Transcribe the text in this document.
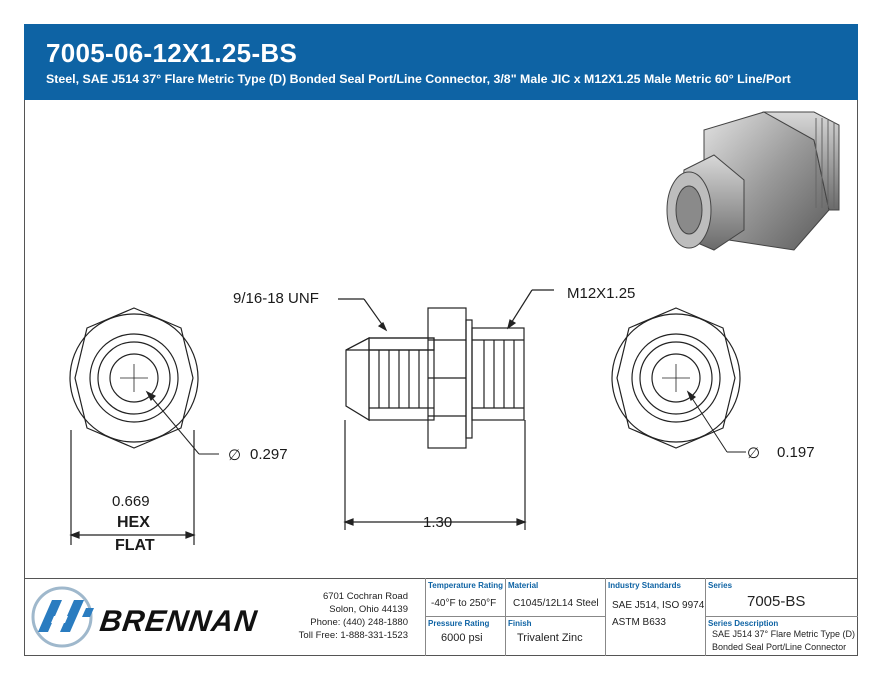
7005-06-12X1.25-BS
Steel, SAE J514 37° Flare Metric Type (D) Bonded Seal Port/Line Connector, 3/8" Male JIC x M12X1.25 Male Metric 60° Line/Port
9/16-18 UNF	M12X1.25
∅ 0.297	∅ 0.197
0.669
HEX
FLAT
1.30
BRENNAN
6701 Cochran Road
Solon, Ohio 44139
Phone: (440) 248-1880
Toll Free: 1-888-331-1523
Temperature Rating
-40°F to 250°F
Pressure Rating
6000 psi
Material
C1045/12L14 Steel
Finish
Trivalent Zinc
Industry Standards
SAE J514, ISO 9974
ASTM B633
Series
7005-BS
Series Description
SAE J514 37° Flare Metric Type (D)
Bonded Seal Port/Line Connector
